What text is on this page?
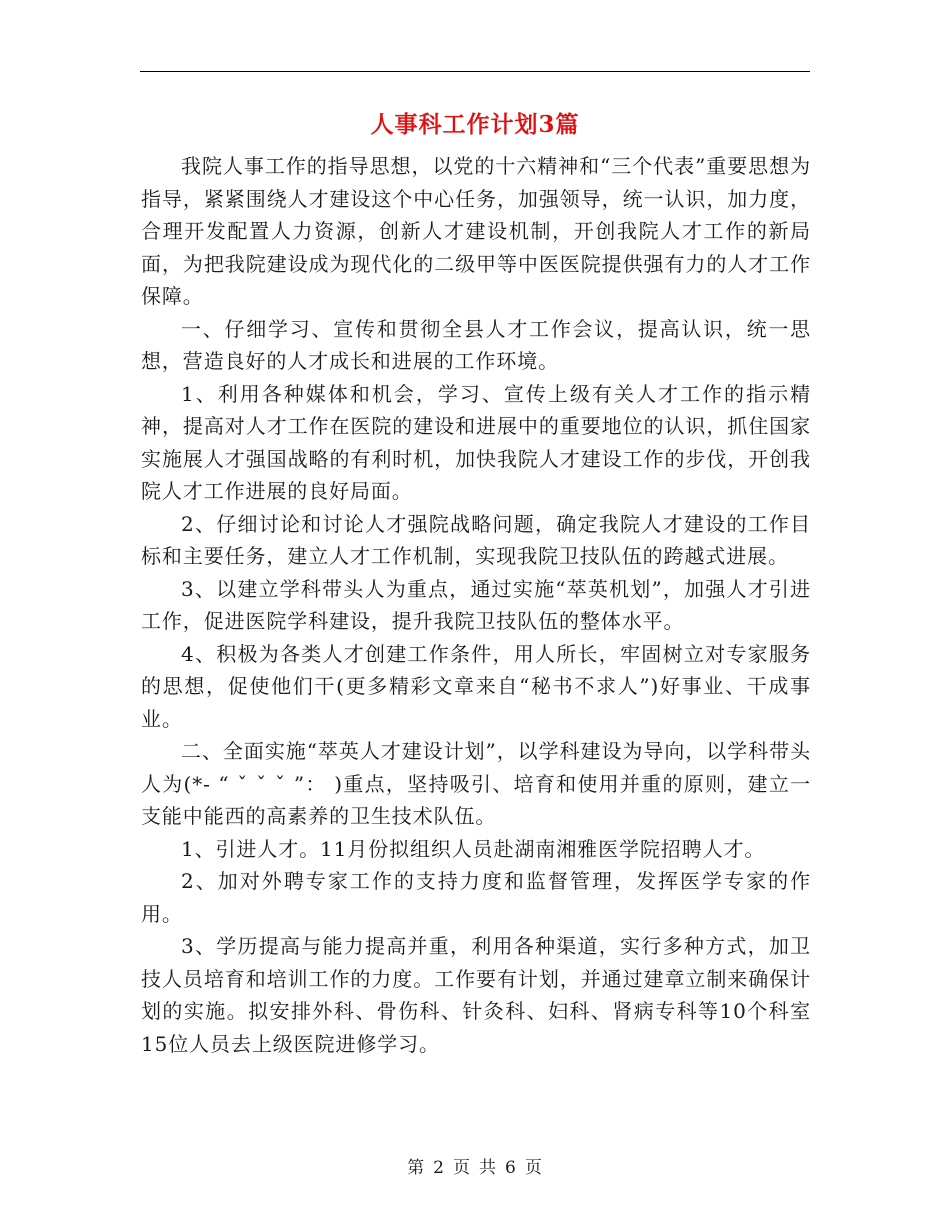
人事科工作计划3篇

我院人事工作的指导思想，以党的十六精神和“三个代表”重要思想为指导，紧紧围绕人才建设这个中心任务，加强领导，统一认识，加力度，合理开发配置人力资源，创新人才建设机制，开创我院人才工作的新局面，为把我院建设成为现代化的二级甲等中医医院提供强有力的人才工作保障。

一、仔细学习、宣传和贯彻全县人才工作会议，提高认识，统一思想，营造良好的人才成长和进展的工作环境。

1、利用各种媒体和机会，学习、宣传上级有关人才工作的指示精神，提高对人才工作在医院的建设和进展中的重要地位的认识，抓住国家实施展人才强国战略的有利时机，加快我院人才建设工作的步伐，开创我院人才工作进展的良好局面。

2、仔细讨论和讨论人才强院战略问题，确定我院人才建设的工作目标和主要任务，建立人才工作机制，实现我院卫技队伍的跨越式进展。

3、以建立学科带头人为重点，通过实施“萃英机划”，加强人才引进工作，促进医院学科建设，提升我院卫技队伍的整体水平。

4、积极为各类人才创建工作条件，用人所长，牢固树立对专家服务的思想，促使他们干(更多精彩文章来自“秘书不求人”)好事业、干成事业。

二、全面实施“萃英人才建设计划”，以学科建设为导向，以学科带头人为(*- “ ˇ ˇ ˇ ”： )重点，坚持吸引、培育和使用并重的原则，建立一支能中能西的高素养的卫生技术队伍。

1、引进人才。11月份拟组织人员赴湖南湘雅医学院招聘人才。

2、加对外聘专家工作的支持力度和监督管理，发挥医学专家的作用。

3、学历提高与能力提高并重，利用各种渠道，实行多种方式，加卫技人员培育和培训工作的力度。工作要有计划，并通过建章立制来确保计划的实施。拟安排外科、骨伤科、针灸科、妇科、肾病专科等10个科室15位人员去上级医院进修学习。

第 2 页 共 6 页
